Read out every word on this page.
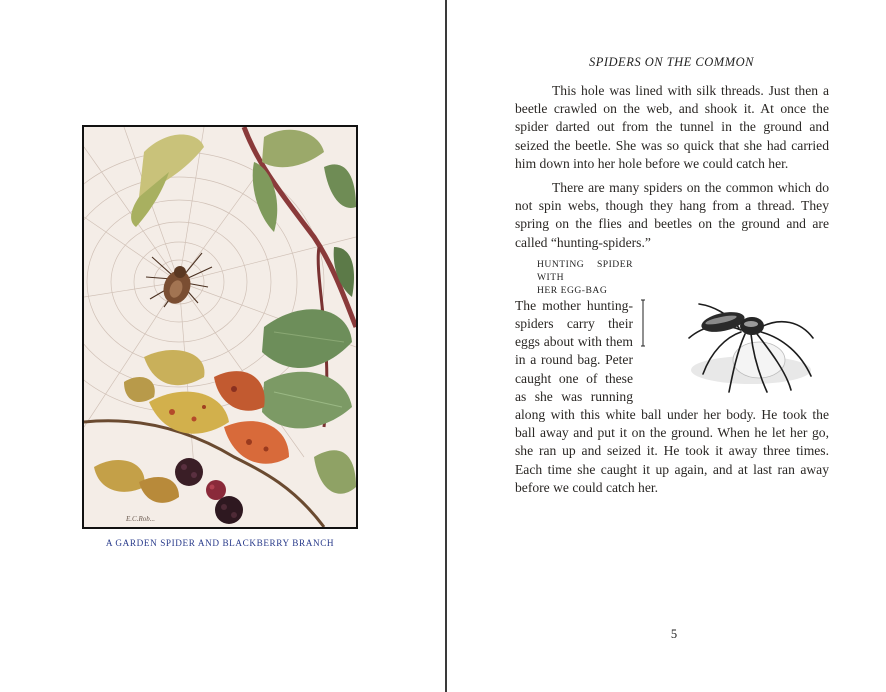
E.C.Rob...
A GARDEN SPIDER AND BLACKBERRY BRANCH
SPIDERS ON THE COMMON

This hole was lined with silk threads. Just then a beetle crawled on the web, and shook it. At once the spider darted out from the tunnel in the ground and seized the beetle. She was so quick that she had carried him down into her hole before we could catch her.

There are many spiders on the common which do not spin webs, though they hang from a thread. They spring on the flies and beetles on the ground and are called “hunting-spiders.”

HUNTING SPIDER WITH
HER EGG-BAG
The mother hunting-spiders carry their eggs about with them in a round bag. Peter caught one of these as she was running along with this white ball under her body. He took the ball away and put it on the ground. When he let her go, she ran up and seized it. He took it away three times. Each time she caught it up again, and at last ran away before we could catch her.

5
